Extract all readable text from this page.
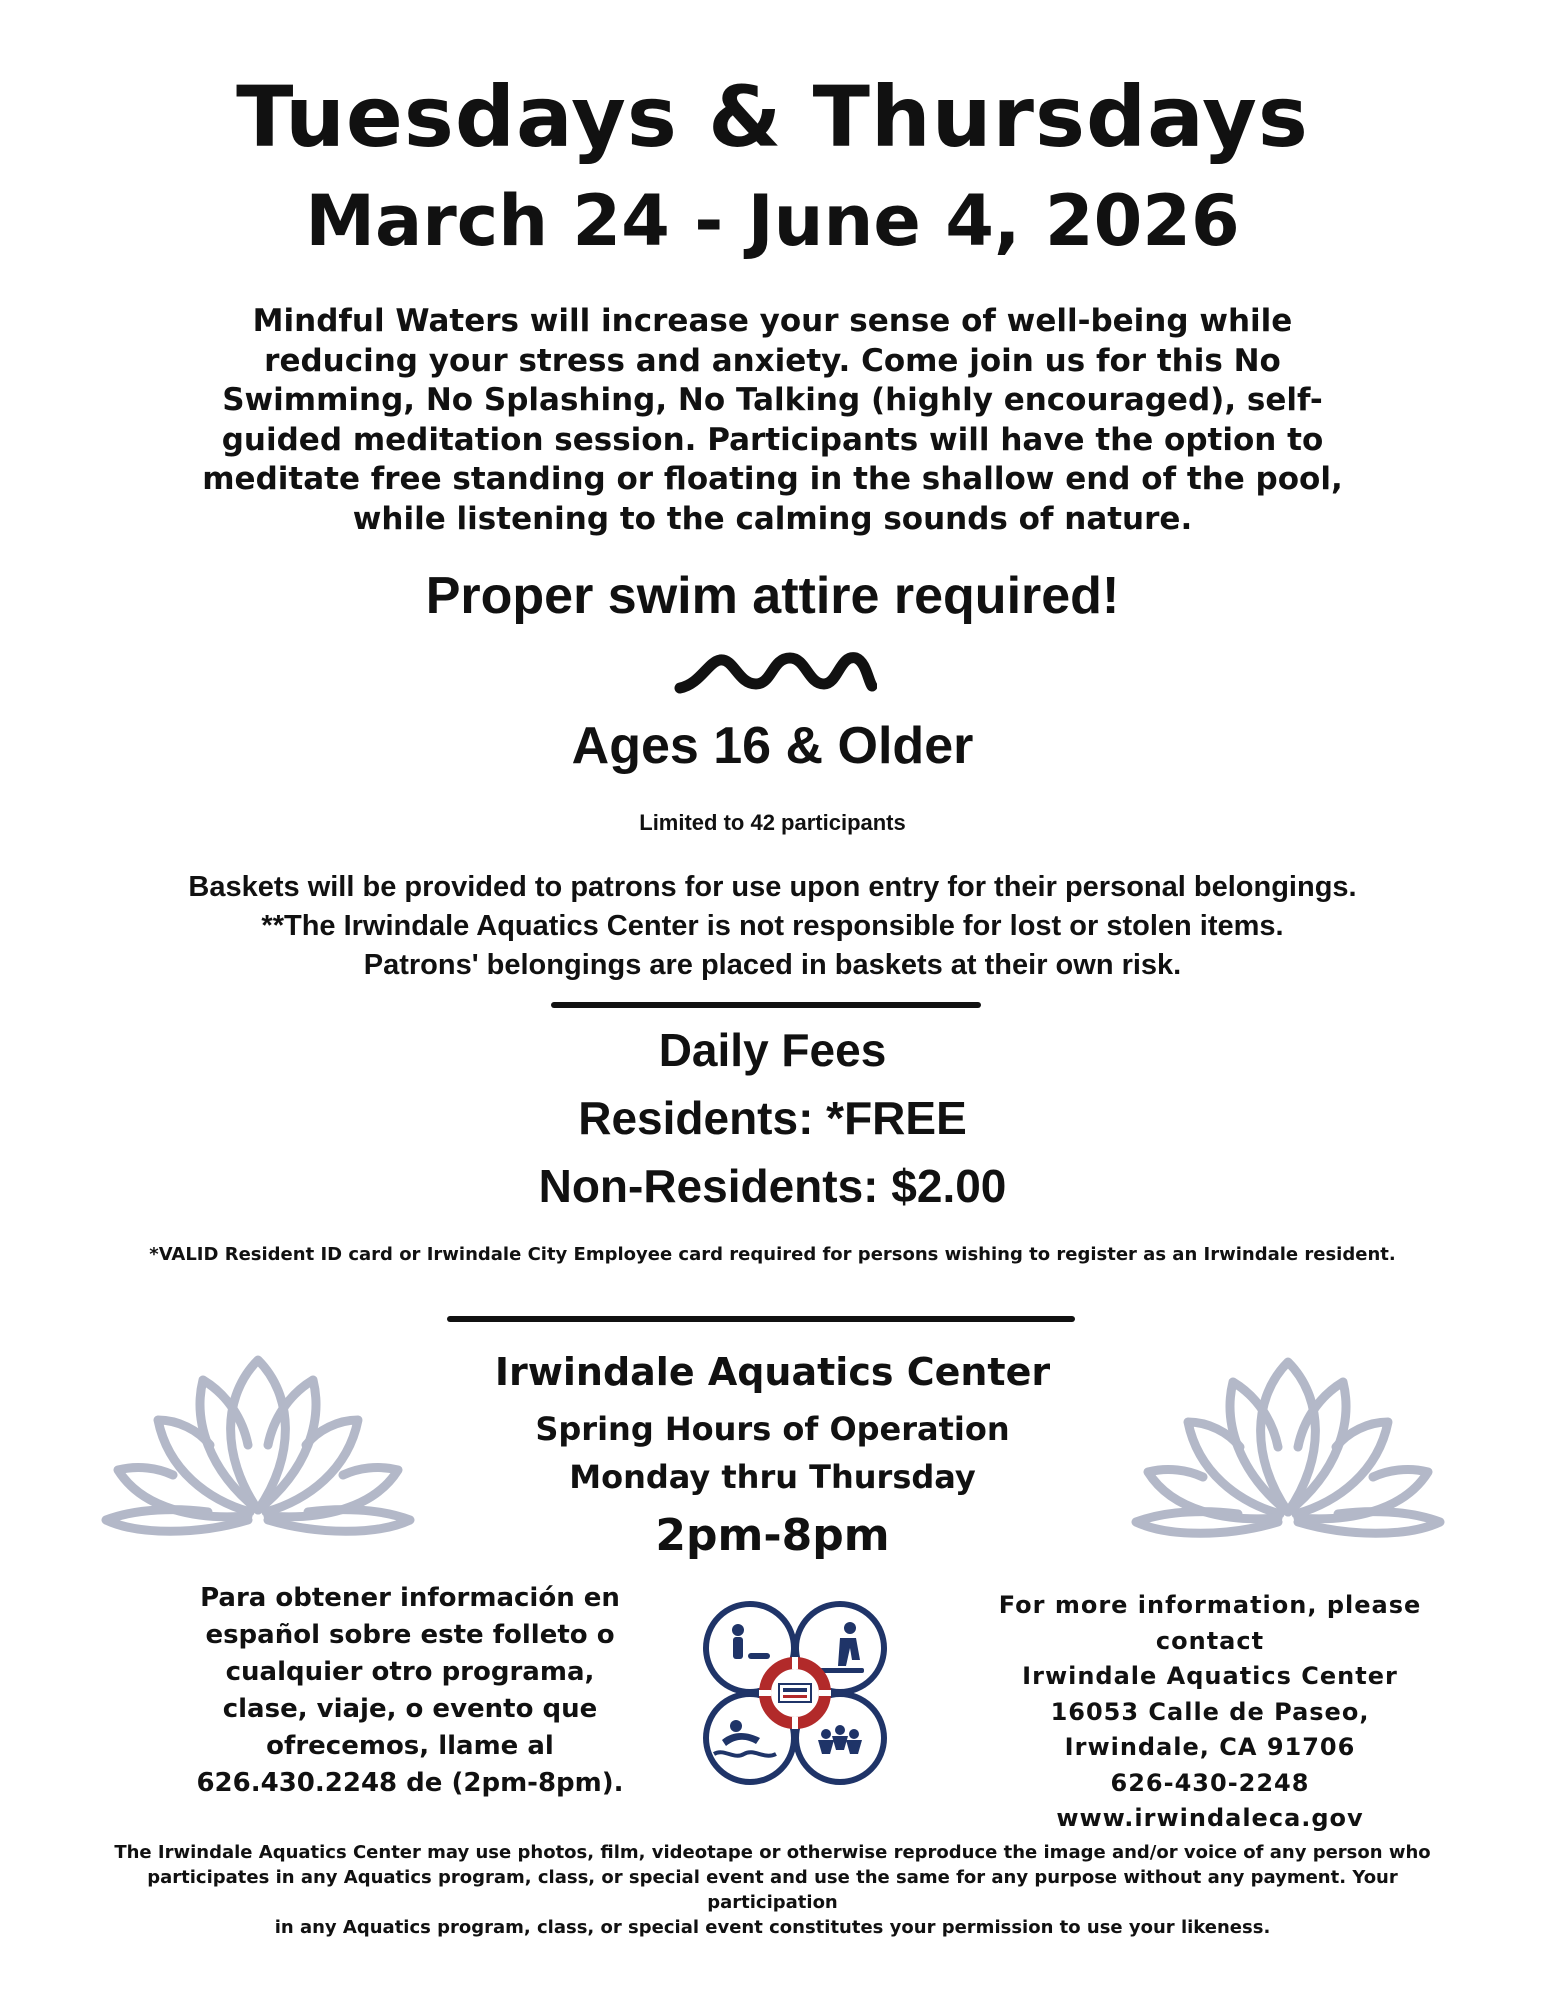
Tuesdays & Thursdays
March 24 - June 4, 2026
Mindful Waters will increase your sense of well-being while
reducing your stress and anxiety. Come join us for this No
Swimming, No Splashing, No Talking (highly encouraged), self-
guided meditation session. Participants will have the option to
meditate free standing or floating in the shallow end of the pool,
while listening to the calming sounds of nature.
Proper swim attire required!
Ages 16 & Older
Limited to 42 participants
Baskets will be provided to patrons for use upon entry for their personal belongings.
**The Irwindale Aquatics Center is not responsible for lost or stolen items.
Patrons' belongings are placed in baskets at their own risk.
Daily Fees
Residents: *FREE
Non-Residents: $2.00
*VALID Resident ID card or Irwindale City Employee card required for persons wishing to register as an Irwindale resident.
Irwindale Aquatics Center
Spring Hours of Operation
Monday thru Thursday
2pm-8pm
Para obtener información en
español sobre este folleto o
cualquier otro programa,
clase, viaje, o evento que
ofrecemos, llame al
626.430.2248 de (2pm-8pm).
For more information, please contact
Irwindale Aquatics Center
16053 Calle de Paseo,
Irwindale, CA 91706
626-430-2248
www.irwindaleca.gov
The Irwindale Aquatics Center may use photos, film, videotape or otherwise reproduce the image and/or voice of any person who
participates in any Aquatics program, class, or special event and use the same for any purpose without any payment. Your participation
in any Aquatics program, class, or special event constitutes your permission to use your likeness.
